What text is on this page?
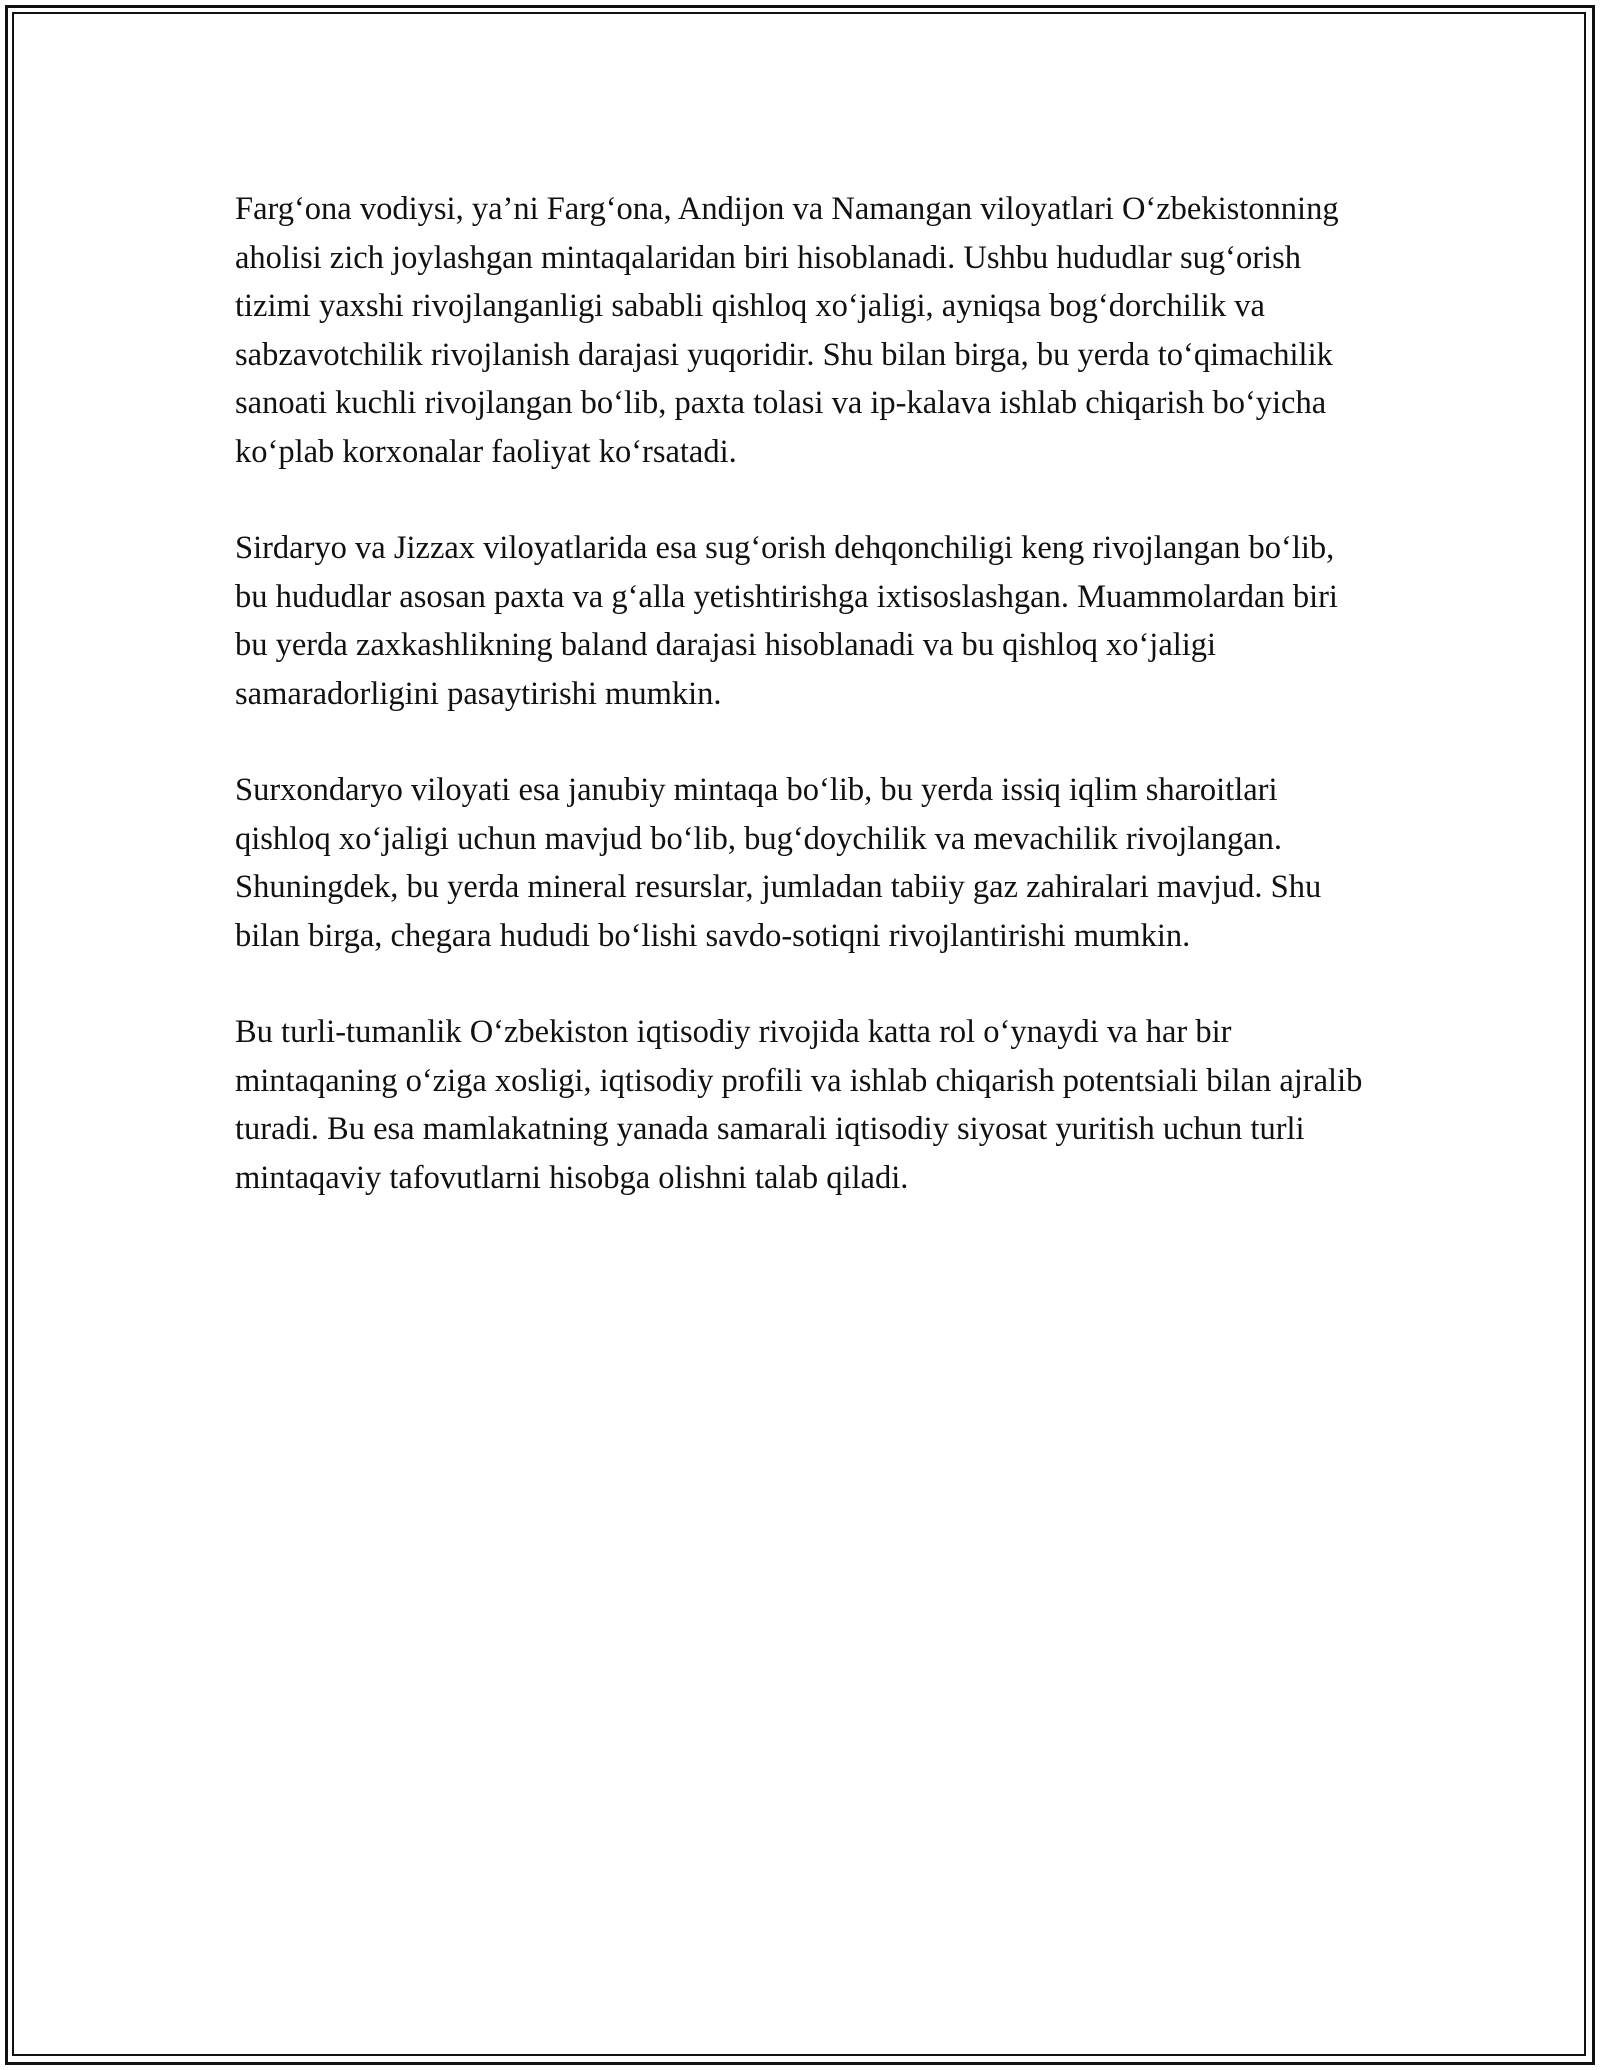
Farg‘ona vodiysi, ya’ni Farg‘ona, Andijon va Namangan viloyatlari O‘zbekistonning aholisi zich joylashgan mintaqalaridan biri hisoblanadi. Ushbu hududlar sug‘orish tizimi yaxshi rivojlanganligi sababli qishloq xo‘jaligi, ayniqsa bog‘dorchilik va sabzavotchilik rivojlanish darajasi yuqoridir. Shu bilan birga, bu yerda to‘qimachilik sanoati kuchli rivojlangan bo‘lib, paxta tolasi va ip-kalava ishlab chiqarish bo‘yicha ko‘plab korxonalar faoliyat ko‘rsatadi.

Sirdaryo va Jizzax viloyatlarida esa sug‘orish dehqonchiligi keng rivojlangan bo‘lib, bu hududlar asosan paxta va g‘alla yetishtirishga ixtisoslashgan. Muammolardan biri bu yerda zaxkashlikning baland darajasi hisoblanadi va bu qishloq xo‘jaligi samaradorligini pasaytirishi mumkin.

Surxondaryo viloyati esa janubiy mintaqa bo‘lib, bu yerda issiq iqlim sharoitlari qishloq xo‘jaligi uchun mavjud bo‘lib, bug‘doychilik va mevachilik rivojlangan. Shuningdek, bu yerda mineral resurslar, jumladan tabiiy gaz zahiralari mavjud. Shu bilan birga, chegara hududi bo‘lishi savdo-sotiqni rivojlantirishi mumkin.

Bu turli-tumanlik O‘zbekiston iqtisodiy rivojida katta rol o‘ynaydi va har bir mintaqaning o‘ziga xosligi, iqtisodiy profili va ishlab chiqarish potentsiali bilan ajralib turadi. Bu esa mamlakatning yanada samarali iqtisodiy siyosat yuritish uchun turli mintaqaviy tafovutlarni hisobga olishni talab qiladi.
